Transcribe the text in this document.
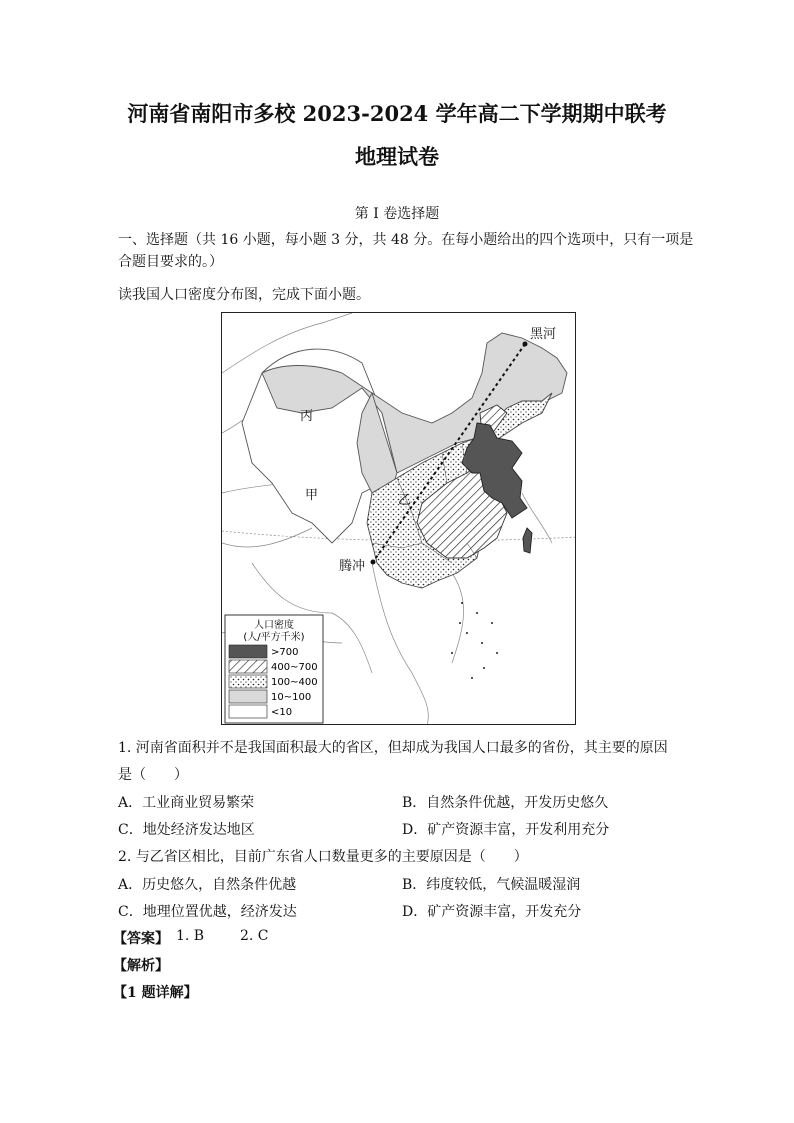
河南省南阳市多校 2023-2024 学年高二下学期期中联考
地理试卷
第 I 卷选择题
一、选择题（共 16 小题，每小题 3 分，共 48 分。在每小题给出的四个选项中，只有一项是
合题目要求的。）
读我国人口密度分布图，完成下面小题。
黑河
腾冲
丙
甲	乙
人口密度
(人/平方千米)
>700
400~700
100~400
10~100
<10
1. 河南省面积并不是我国面积最大的省区，但却成为我国人口最多的省份，其主要的原因
是（　　）
A．工业商业贸易繁荣	B．自然条件优越，开发历史悠久
C．地处经济发达地区	D．矿产资源丰富，开发利用充分
2. 与乙省区相比，目前广东省人口数量更多的主要原因是（　　）
A．历史悠久，自然条件优越	B．纬度较低，气候温暖湿润
C．地理位置优越，经济发达	D．矿产资源丰富，开发充分
【答案】 1. B	2. C
【解析】
【1 题详解】
